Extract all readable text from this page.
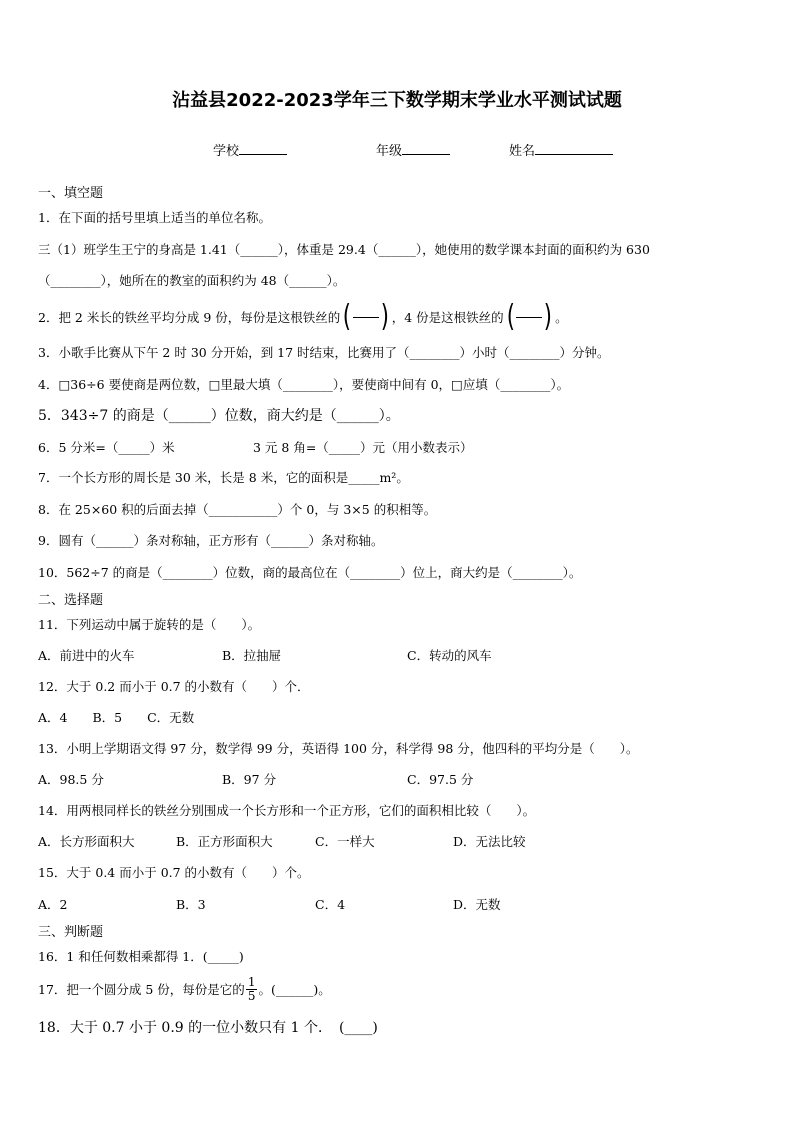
沾益县2022-2023学年三下数学期末学业水平测试试题
学校	年级	姓名
一、填空题
1．在下面的括号里填上适当的单位名称。
三（1）班学生王宁的身高是 1.41（______），体重是 29.4（______），她使用的数学课本封面的面积约为 630
（________），她所在的教室的面积约为 48（______）。
2．把 2 米长的铁丝平均分成 9 份，每份是这根铁丝的 ( ) ，4 份是这根铁丝的 ( ) 。
3．小歌手比赛从下午 2 时 30 分开始，到 17 时结束，比赛用了（________）小时（________）分钟。
4．□36÷6 要使商是两位数，□里最大填（________），要使商中间有 0，□应填（________）。
5．343÷7 的商是（______）位数，商大约是（______）。
6．5 分米=（_____）米	3 元 8 角=（_____）元（用小数表示）
7．一个长方形的周长是 30 米，长是 8 米，它的面积是_____m²。
8．在 25×60 积的后面去掉（___________）个 0，与 3×5 的积相等。
9．圆有（______）条对称轴，正方形有（______）条对称轴。
10．562÷7 的商是（________）位数，商的最高位在（________）位上，商大约是（________）。
二、选择题
11．下列运动中属于旋转的是（　　）。
A．前进中的火车	B．拉抽屉	C．转动的风车
12．大于 0.2 而小于 0.7 的小数有（　　）个．
A．4　　B．5　　C．无数
13．小明上学期语文得 97 分，数学得 99 分，英语得 100 分，科学得 98 分，他四科的平均分是（　　）。
A．98.5 分	B．97 分	C．97.5 分
14．用两根同样长的铁丝分别围成一个长方形和一个正方形，它们的面积相比较（　　）。
A．长方形面积大	B．正方形面积大	C．一样大	D．无法比较
15．大于 0.4 而小于 0.7 的小数有（　　）个。
A．2	B．3	C．4	D．无数
三、判断题
16．1 和任何数相乘都得 1．(_____)
17．把一个圆分成 5 份，每份是它的 $\frac{1}{5}$ 。(______)。
18．大于 0.7 小于 0.9 的一位小数只有 1 个．　(____)
